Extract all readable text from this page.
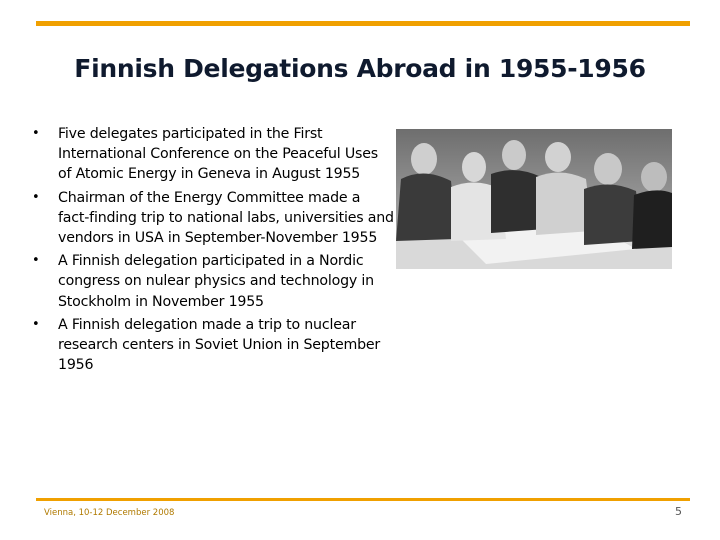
Finnish Delegations Abroad in 1955-1956
• Five delegates participated in the First International Conference on the Peaceful Uses of Atomic Energy in Geneva in August 1955
• Chairman of the Energy Committee made a fact-finding trip to national labs, universities and vendors in USA in September-November 1955
• A Finnish delegation participated in a Nordic congress on nulear physics and technology in Stockholm in November 1955
• A Finnish delegation made a trip to nuclear research centers in Soviet Union in September 1956
Vienna, 10-12 December 2008	5
